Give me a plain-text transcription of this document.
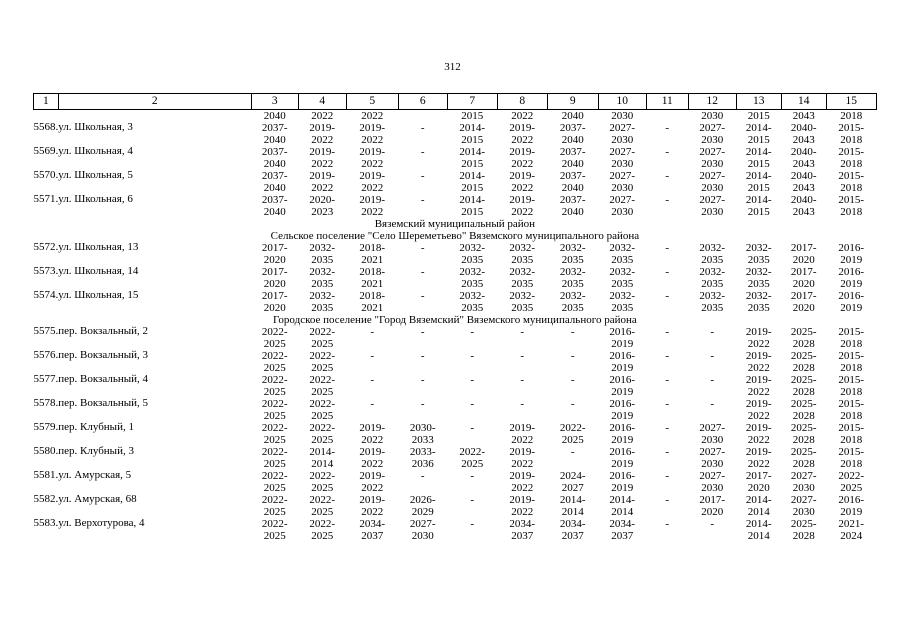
312
1	2	3	4	5	6	7	8	9	10	11	12	13	14	15
		2040	2022	2022		2015	2022	2040	2030		2030	2015	2043	2018
5568.	ул. Школьная, 3	2037-	2019-	2019-	-	2014-	2019-	2037-	2027-	-	2027-	2014-	2040-	2015-
		2040	2022	2022		2015	2022	2040	2030		2030	2015	2043	2018
5569.	ул. Школьная, 4	2037-	2019-	2019-	-	2014-	2019-	2037-	2027-	-	2027-	2014-	2040-	2015-
		2040	2022	2022		2015	2022	2040	2030		2030	2015	2043	2018
5570.	ул. Школьная, 5	2037-	2019-	2019-	-	2014-	2019-	2037-	2027-	-	2027-	2014-	2040-	2015-
		2040	2022	2022		2015	2022	2040	2030		2030	2015	2043	2018
5571.	ул. Школьная, 6	2037-	2020-	2019-	-	2014-	2019-	2037-	2027-	-	2027-	2014-	2040-	2015-
		2040	2023	2022		2015	2022	2040	2030		2030	2015	2043	2018
Вяземский муниципальный район														
Сельское поселение "Село Шереметьево" Вяземского муниципального района														
5572.	ул. Школьная, 13	2017-	2032-	2018-	-	2032-	2032-	2032-	2032-	-	2032-	2032-	2017-	2016-
		2020	2035	2021		2035	2035	2035	2035		2035	2035	2020	2019
5573.	ул. Школьная, 14	2017-	2032-	2018-	-	2032-	2032-	2032-	2032-	-	2032-	2032-	2017-	2016-
		2020	2035	2021		2035	2035	2035	2035		2035	2035	2020	2019
5574.	ул. Школьная, 15	2017-	2032-	2018-	-	2032-	2032-	2032-	2032-	-	2032-	2032-	2017-	2016-
		2020	2035	2021		2035	2035	2035	2035		2035	2035	2020	2019
Городское поселение "Город Вяземский" Вяземского муниципального района														
5575.	пер. Вокзальный, 2	2022-	2022-	-	-	-	-	-	2016-	-	-	2019-	2025-	2015-
		2025	2025						2019			2022	2028	2018
5576.	пер. Вокзальный, 3	2022-	2022-	-	-	-	-	-	2016-	-	-	2019-	2025-	2015-
		2025	2025						2019			2022	2028	2018
5577.	пер. Вокзальный, 4	2022-	2022-	-	-	-	-	-	2016-	-	-	2019-	2025-	2015-
		2025	2025						2019			2022	2028	2018
5578.	пер. Вокзальный, 5	2022-	2022-	-	-	-	-	-	2016-	-	-	2019-	2025-	2015-
		2025	2025						2019			2022	2028	2018
5579.	пер. Клубный, 1	2022-	2022-	2019-	2030-	-	2019-	2022-	2016-	-	2027-	2019-	2025-	2015-
		2025	2025	2022	2033		2022	2025	2019		2030	2022	2028	2018
5580.	пер. Клубный, 3	2022-	2014-	2019-	2033-	2022-	2019-	-	2016-	-	2027-	2019-	2025-	2015-
		2025	2014	2022	2036	2025	2022		2019		2030	2022	2028	2018
5581.	ул. Амурская, 5	2022-	2022-	2019-	-	-	2019-	2024-	2016-	-	2027-	2017-	2027-	2022-
		2025	2025	2022			2022	2027	2019		2030	2020	2030	2025
5582.	ул. Амурская, 68	2022-	2022-	2019-	2026-	-	2019-	2014-	2014-	-	2017-	2014-	2027-	2016-
		2025	2025	2022	2029		2022	2014	2014		2020	2014	2030	2019
5583.	ул. Верхотурова, 4	2022-	2022-	2034-	2027-	-	2034-	2034-	2034-	-	-	2014-	2025-	2021-
		2025	2025	2037	2030		2037	2037	2037			2014	2028	2024
